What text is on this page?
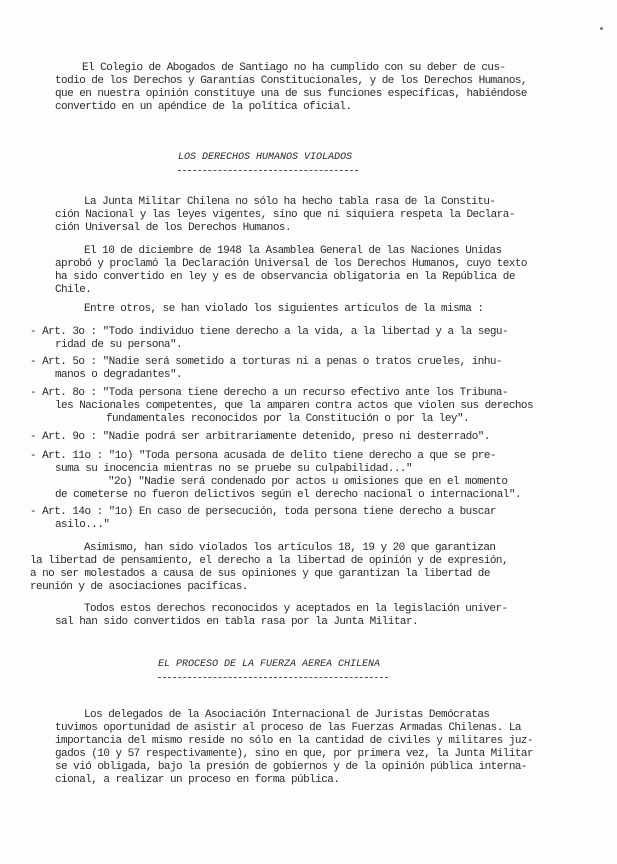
El Colegio de Abogados de Santiago no ha cumplido con su deber de cus-
todio de los Derechos y Garantías Constitucionales, y de los Derechos Humanos,
que en nuestra opinión constituye una de sus funciones específicas, habiéndose
convertido en un apéndice de la política oficial.
LOS DERECHOS HUMANOS VIOLADOS
La Junta Militar Chilena no sólo ha hecho tabla rasa de la Constitu-
ción Nacional y las leyes vigentes, sino que ni siquiera respeta la Declara-
ción Universal de los Derechos Humanos.
El 10 de diciembre de 1948 la Asamblea General de las Naciones Unidas
aprobó y proclamó la Declaración Universal de los Derechos Humanos, cuyo texto
ha sido convertido en ley y es de observancia obligatoria en la República de
Chile.
Entre otros, se han violado los siguientes artículos de la misma :
- Art. 3o : "Todo individuo tiene derecho a la vida, a la libertad y a la segu-
ridad de su persona".
- Art. 5o : "Nadie será sometido a torturas ni a penas o tratos crueles, inhu-
manos o degradantes".
- Art. 8o : "Toda persona tiene derecho a un recurso efectivo ante los Tribuna-
les Nacionales competentes, que la amparen contra actos que violen sus derechos
fundamentales reconocidos por la Constitución o por la ley".
- Art. 9o : "Nadie podrá ser arbitrariamente detenido, preso ni desterrado".
- Art. 11o : "1o) "Toda persona acusada de delito tiene derecho a que se pre-
suma su inocencia mientras no se pruebe su culpabilidad..."
"2o) "Nadie será condenado por actos u omisiones que en el momento
de cometerse no fueron delictivos según el derecho nacional o internacional".
- Art. 14o : "1o) En caso de persecución, toda persona tiene derecho a buscar
asilo..."
Asimismo, han sido violados los artículos 18, 19 y 20 que garantizan
la libertad de pensamiento, el derecho a la libertad de opinión y de expresión,
a no ser molestados a causa de sus opiniones y que garantizan la libertad de
reunión y de asociaciones pacíficas.
Todos estos derechos reconocidos y aceptados en la legislación univer-
sal han sido convertidos en tabla rasa por la Junta Militar.
EL PROCESO DE LA FUERZA AEREA CHILENA
Los delegados de la Asociación Internacional de Juristas Demócratas
tuvimos oportunidad de asistir al proceso de las Fuerzas Armadas Chilenas. La
importancia del mismo reside no sólo en la cantidad de civiles y militares juz-
gados (10 y 57 respectivamente), sino en que, por primera vez, la Junta Militar
se vió obligada, bajo la presión de gobiernos y de la opinión pública interna-
cional, a realizar un proceso en forma pública.
